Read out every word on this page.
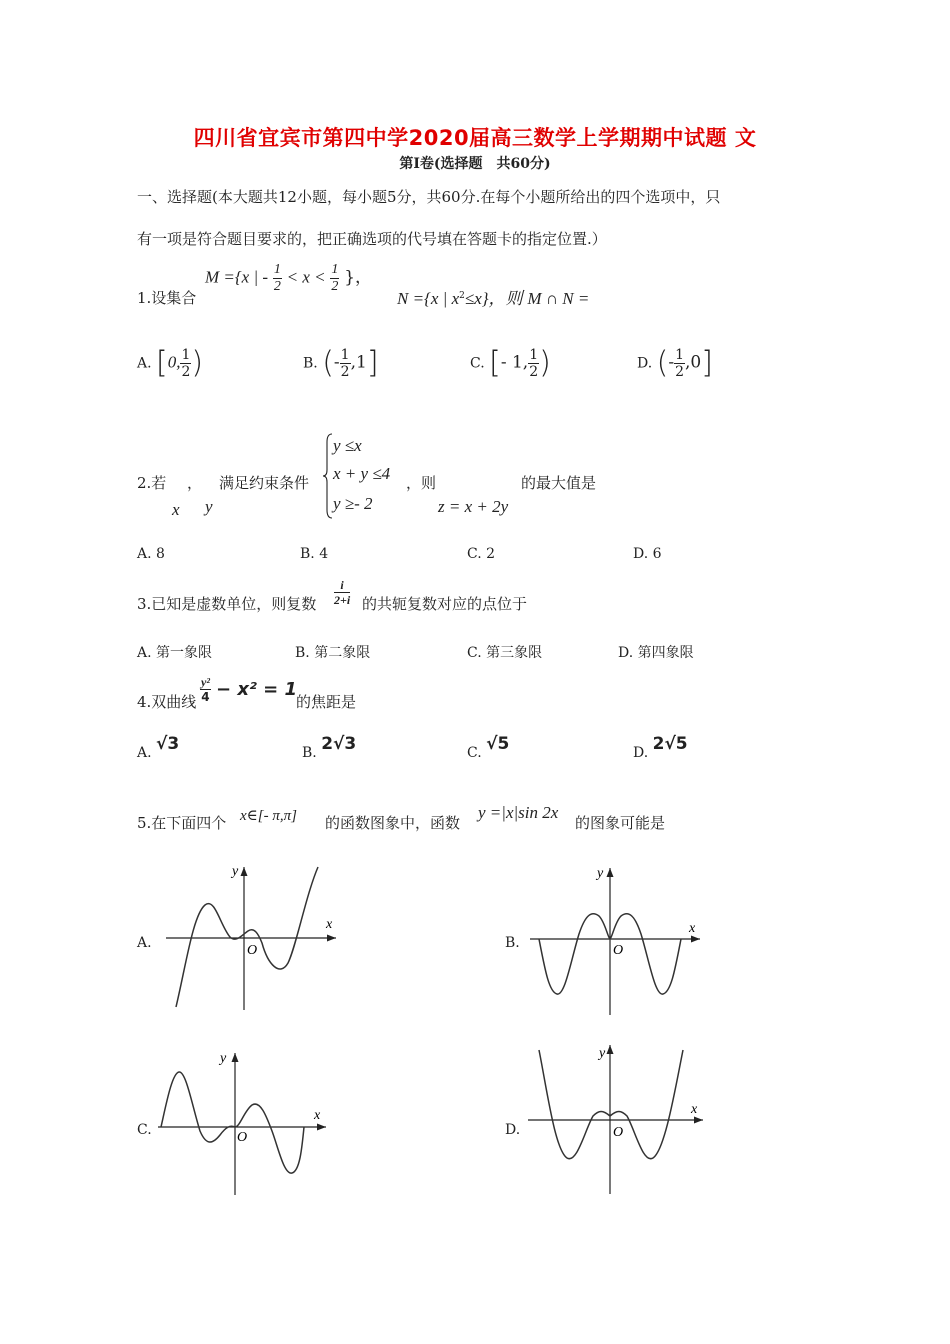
四川省宜宾市第四中学2020届高三数学上学期期中试题 文
第Ⅰ卷(选择题　共60分)
一、选择题(本大题共12小题，每小题5分，共60分.在每个小题所给出的四个选项中，只
有一项是符合题目要求的，把正确选项的代号填在答题卡的指定位置.）
1.设集合
M ={x | - $\frac{1}{2} < x < \frac{1}{2}$ }，
N ={x | $x^2\le x$}，则 M ∩ N =
A. [0, $\frac{1}{2}$ )	B. (- $\frac{1}{2} ,1$]	C. [- 1, $\frac{1}{2}$ )	D. (- $\frac{1}{2} ,0$]
2.若 ， 满足约束条件
x y
y ≤x
x + y ≤4
y ≥- 2
，则
z = x + 2y
的最大值是
A. 8	B. 4	C. 2	D. 6
3.已知是虚数单位，则复数 $\frac{i}{2+i}$ 的共轭复数对应的点位于
A. 第一象限	B. 第二象限	C. 第三象限	D. 第四象限
4.双曲线 $\frac{\text{y²}}{4} - x^2 = 1$
的焦距是
A. √3	B. 2√3	C. √5	D. 2√5
5.在下面四个 x∈[- π,π] 的函数图象中，函数
y =|x|sin 2x
的图象可能是
A.
x
y
O	B.
x
y
O
C.
x
y
O	D.
x
y
O
